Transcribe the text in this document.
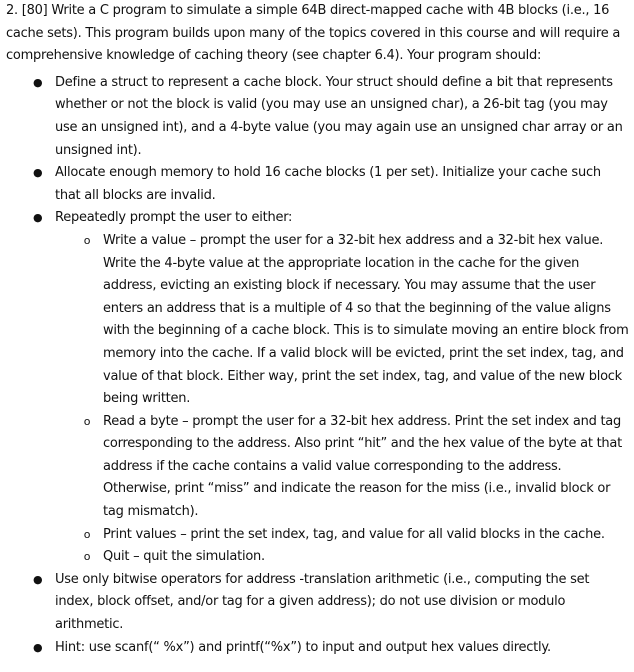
2. [80] Write a C program to simulate a simple 64B direct-mapped cache with 4B blocks (i.e., 16 cache sets). This program builds upon many of the topics covered in this course and will require a comprehensive knowledge of caching theory (see chapter 6.4). Your program should:

● Define a struct to represent a cache block. Your struct should define a bit that represents whether or not the block is valid (you may use an unsigned char), a 26-bit tag (you may use an unsigned int), and a 4-byte value (you may again use an unsigned char array or an unsigned int).
● Allocate enough memory to hold 16 cache blocks (1 per set). Initialize your cache such that all blocks are invalid.
● Repeatedly prompt the user to either:
o Write a value – prompt the user for a 32-bit hex address and a 32-bit hex value. Write the 4-byte value at the appropriate location in the cache for the given address, evicting an existing block if necessary. You may assume that the user enters an address that is a multiple of 4 so that the beginning of the value aligns with the beginning of a cache block. This is to simulate moving an entire block from memory into the cache. If a valid block will be evicted, print the set index, tag, and value of that block. Either way, print the set index, tag, and value of the new block being written.
o Read a byte – prompt the user for a 32-bit hex address. Print the set index and tag corresponding to the address. Also print “hit” and the hex value of the byte at that address if the cache contains a valid value corresponding to the address. Otherwise, print “miss” and indicate the reason for the miss (i.e., invalid block or tag mismatch).
o Print values – print the set index, tag, and value for all valid blocks in the cache.
o Quit – quit the simulation.
● Use only bitwise operators for address -translation arithmetic (i.e., computing the set index, block offset, and/or tag for a given address); do not use division or modulo arithmetic.
● Hint: use scanf(“ %x”) and printf(“%x”) to input and output hex values directly.
